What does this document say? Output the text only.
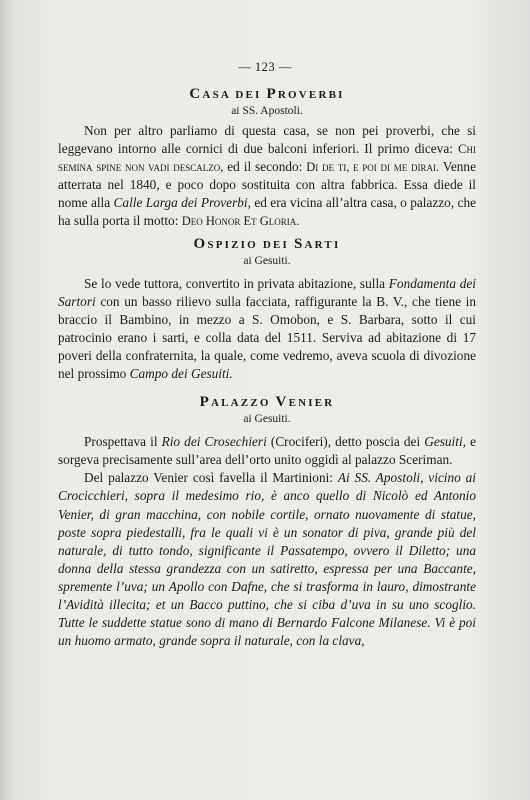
— 123 —
CASA DEI PROVERBI
ai SS. Apostoli.

Non per altro parliamo di questa casa, se non pei proverbi, che si leggevano intorno alle cornici di due balconi inferiori. Il primo diceva: Chi semina spine non vadi descalzo, ed il secondo: Di de ti, e poi di me dirai. Venne atterrata nel 1840, e poco dopo sostituita con altra fabbrica. Essa diede il nome alla Calle Larga dei Proverbi, ed era vicina all’altra casa, o palazzo, che ha sulla porta il motto: Deo Honor Et Gloria.

OSPIZIO DEI SARTI
ai Gesuiti.

Se lo vede tuttora, convertito in privata abitazione, sulla Fondamenta dei Sartori con un basso rilievo sulla facciata, raffigurante la B. V., che tiene in braccio il Bambino, in mezzo a S. Omobon, e S. Barbara, sotto il cui patrocinio erano i sarti, e colla data del 1511. Serviva ad abitazione di 17 poveri della confraternita, la quale, come vedremo, aveva scuola di divozione nel prossimo Campo dei Gesuiti.

PALAZZO VENIER
ai Gesuiti.

Prospettava il Rio dei Crosechieri (Crociferi), detto poscia dei Gesuiti, e sorgeva precisamente sull’area dell’orto unito oggidì al palazzo Sceriman.

Del palazzo Venier così favella il Martinioni: Ai SS. Apostoli, vicino ai Crocicchieri, sopra il medesimo rio, è anco quello di Nicolò ed Antonio Venier, di gran macchina, con nobile cortile, ornato nuovamente di statue, poste sopra piedestalli, fra le quali vi è un sonator di piva, grande più del naturale, di tutto tondo, significante il Passatempo, ovvero il Diletto; una donna della stessa grandezza con un satiretto, espressa per una Baccante, spremente l’uva; un Apollo con Dafne, che si trasforma in lauro, dimostrante l’Avidità illecita; et un Bacco puttino, che si ciba d’uva in su uno scoglio. Tutte le suddette statue sono di mano di Bernardo Falcone Milanese. Vi è poi un huomo armato, grande sopra il naturale, con la clava,
